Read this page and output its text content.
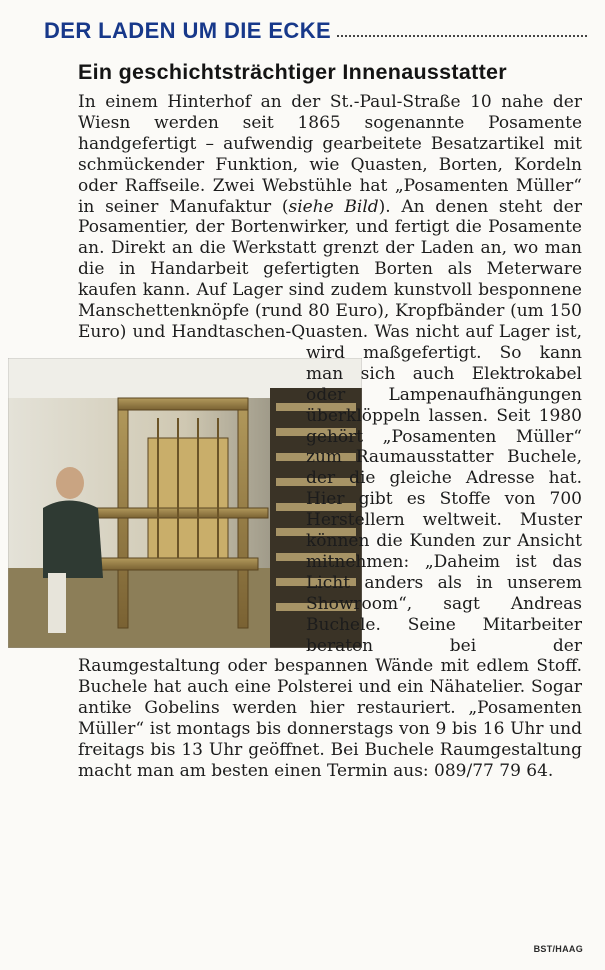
DER LADEN UM DIE ECKE
Ein geschichtsträchtiger Innenausstatter

In einem Hinterhof an der St.-Paul-Straße 10 nahe der Wiesn werden seit 1865 sogenannte Posamente handgefertigt – aufwendig gearbeitete Besatzartikel mit schmückender Funktion, wie Quasten, Borten, Kordeln oder Raffseile. Zwei Webstühle hat „Posamenten Müller“ in seiner Manufaktur (siehe Bild). An denen steht der Posamentier, der Bortenwirker, und fertigt die Posamente an. Direkt an die Werkstatt grenzt der Laden an, wo man die in Handarbeit gefertigten Borten als Meterware kaufen kann. Auf Lager sind zudem kunstvoll besponnene Manschettenknöpfe (rund 80 Euro), Kropfbänder (um 150 Euro) und Handtaschen-Quasten. Was nicht auf Lager ist, wird maßgefertigt. So kann man sich auch Elektrokabel oder Lampenaufhängungen überklöppeln lassen. Seit 1980 gehört „Posamenten Müller“ zum Raumausstatter Buchele, der die gleiche Adresse hat. Hier gibt es Stoffe von 700 Herstellern weltweit. Muster können die Kunden zur Ansicht mitnehmen: „Daheim ist das Licht anders als in unserem Showroom“, sagt Andreas Buchele. Seine Mitarbeiter beraten bei der Raumgestaltung oder bespannen Wände mit edlem Stoff. Buchele hat auch eine Polsterei und ein Nähatelier. Sogar antike Gobelins werden hier restauriert. „Posamenten Müller“ ist montags bis donnerstags von 9 bis 16 Uhr und freitags bis 13 Uhr geöffnet. Bei Buchele Raumgestaltung macht man am besten einen Termin aus: 089/77 79 64.

BST/HAAG
